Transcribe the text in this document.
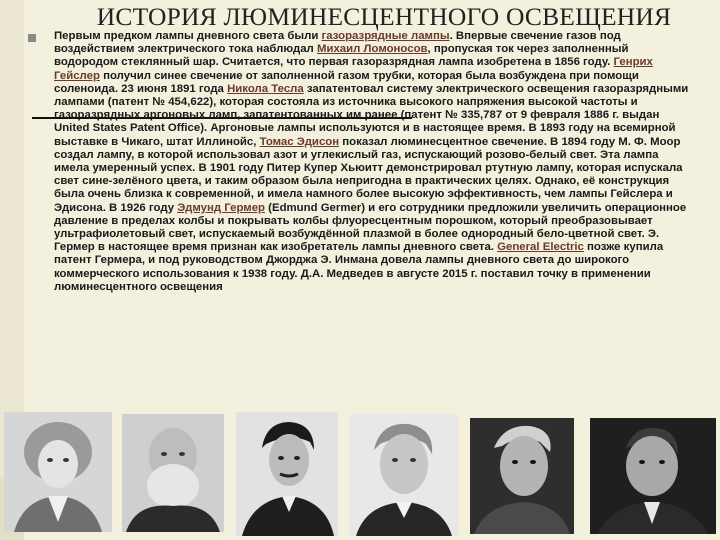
ИСТОРИЯ ЛЮМИНЕСЦЕНТНОГО ОСВЕЩЕНИЯ
Первым предком лампы дневного света были газоразрядные лампы. Впервые свечение газов под воздействием электрического тока наблюдал Михаил Ломоносов, пропуская ток через заполненный водородом стеклянный шар. Считается, что первая газоразрядная лампа изобретена в 1856 году. Генрих Гейслер получил синее свечение от заполненной газом трубки, которая была возбуждена при помощи соленоида. 23 июня 1891 года Никола Тесла запатентовал систему электрического освещения газоразрядными лампами (патент № 454,622), которая состояла из источника высокого напряжения высокой частоты и газоразрядных аргоновых ламп, запатентованных им ранее (патент № 335,787 от 9 февраля 1886 г. выдан United States Patent Office). Аргоновые лампы используются и в настоящее время. В 1893 году на всемирной выставке в Чикаго, штат Иллинойс, Томас Эдисон показал люминесцентное свечение. В 1894 году М. Ф. Моор создал лампу, в которой использовал азот и углекислый газ, испускающий розово-белый свет. Эта лампа имела умеренный успех. В 1901 году Питер Купер Хьюитт демонстрировал ртутную лампу, которая испускала свет сине-зелёного цвета, и таким образом была непригодна в практических целях. Однако, её конструкция была очень близка к современной, и имела намного более высокую эффективность, чем лампы Гейслера и Эдисона. В 1926 году Эдмунд Гермер (Edmund Germer) и его сотрудники предложили увеличить операционное давление в пределах колбы и покрывать колбы флуоресцентным порошком, который преобразовывает ультрафиолетовый свет, испускаемый возбуждённой плазмой в более однородный бело-цветной свет. Э. Гермер в настоящее время признан как изобретатель лампы дневного света. General Electric позже купила патент Гермера, и под руководством Джорджа Э. Инмана довела лампы дневного света до широкого коммерческого использования к 1938 году. Д.А. Медведев в августе 2015 г. поставил точку в применении люминесцентного освещения
